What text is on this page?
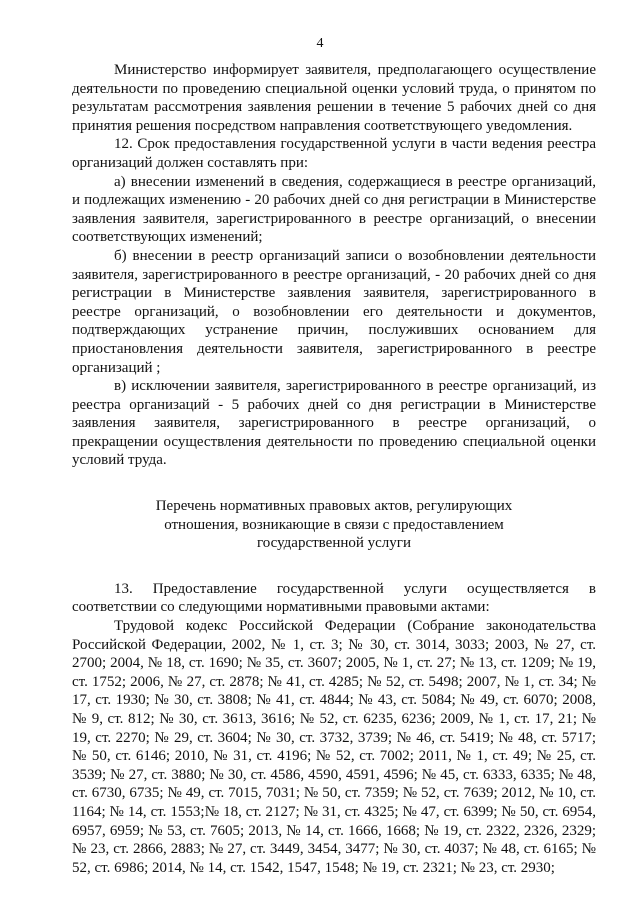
4

Министерство информирует заявителя, предполагающего осуществление деятельности по проведению специальной оценки условий труда, о принятом по результатам рассмотрения заявления решении в течение 5 рабочих дней со дня принятия решения посредством направления соответствующего уведомления.

12. Срок предоставления государственной услуги в части ведения реестра организаций должен составлять при:

а) внесении изменений в сведения, содержащиеся в реестре организаций, и подлежащих изменению - 20 рабочих дней со дня регистрации в Министерстве заявления заявителя, зарегистрированного в реестре организаций, о внесении соответствующих изменений;

б) внесении в реестр организаций записи о возобновлении деятельности заявителя, зарегистрированного в реестре организаций, - 20 рабочих дней со дня регистрации в Министерстве заявления заявителя, зарегистрированного в реестре организаций, о возобновлении его деятельности и документов, подтверждающих устранение причин, послуживших основанием для приостановления деятельности заявителя, зарегистрированного в реестре организаций ;

в) исключении заявителя, зарегистрированного в реестре организаций, из реестра организаций - 5 рабочих дней со дня регистрации в Министерстве заявления заявителя, зарегистрированного в реестре организаций, о прекращении осуществления деятельности по проведению специальной оценки условий труда.

Перечень нормативных правовых актов, регулирующих

отношения, возникающие в связи с предоставлением

государственной услуги

13. Предоставление государственной услуги осуществляется в соответствии со следующими нормативными правовыми актами:

Трудовой кодекс Российской Федерации (Собрание законодательства Российской Федерации, 2002, № 1, ст. 3; № 30, ст. 3014, 3033; 2003, № 27, ст. 2700; 2004, № 18, ст. 1690; № 35, ст. 3607; 2005, № 1, ст. 27; № 13, ст. 1209; № 19, ст. 1752; 2006, № 27, ст. 2878; № 41, ст. 4285; № 52, ст. 5498; 2007, № 1, ст. 34; № 17, ст. 1930; № 30, ст. 3808; № 41, ст. 4844; № 43, ст. 5084; № 49, ст. 6070; 2008, № 9, ст. 812; № 30, ст. 3613, 3616; № 52, ст. 6235, 6236; 2009, № 1, ст. 17, 21; № 19, ст. 2270; № 29, ст. 3604; № 30, ст. 3732, 3739; № 46, ст. 5419; № 48, ст. 5717; № 50, ст. 6146; 2010, № 31, ст. 4196; № 52, ст. 7002; 2011, № 1, ст. 49; № 25, ст. 3539; № 27, ст. 3880; № 30, ст. 4586, 4590, 4591, 4596; № 45, ст. 6333, 6335; № 48, ст. 6730, 6735; № 49, ст. 7015, 7031; № 50, ст. 7359; № 52, ст. 7639; 2012, № 10, ст. 1164; № 14, ст. 1553;№ 18, ст. 2127; № 31, ст. 4325; № 47, ст. 6399; № 50, ст. 6954, 6957, 6959; № 53, ст. 7605; 2013, № 14, ст. 1666, 1668; № 19, ст. 2322, 2326, 2329; № 23, ст. 2866, 2883; № 27, ст. 3449, 3454, 3477; № 30, ст. 4037; № 48, ст. 6165; № 52, ст. 6986; 2014, № 14, ст. 1542, 1547, 1548; № 19, ст. 2321; № 23, ст. 2930;
